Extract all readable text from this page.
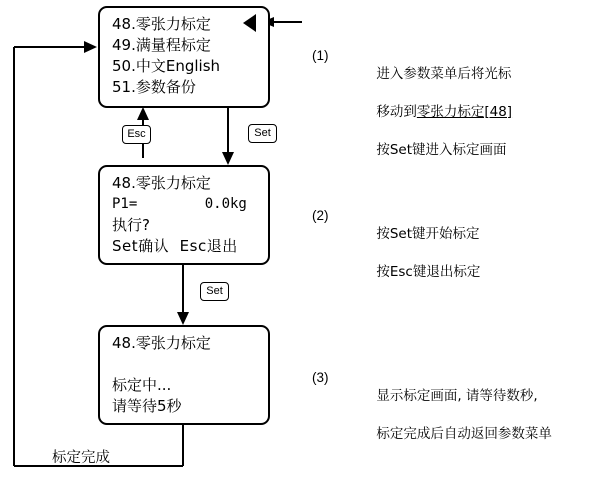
48.零张力标定
49.满量程标定
50.中文English
51.参数备份
48.零张力标定
P1=        0.0kg
执行?
Set确认  Esc退出
48.零张力标定

标定中...
请等待5秒
Esc	Set
Set

(1)

进入参数菜单后将光标

移动到零张力标定[48]

按Set键进入标定画面

(2)

按Set键开始标定

按Esc键退出标定

(3)

显示标定画面, 请等待数秒,

标定完成后自动返回参数菜单

标定完成
